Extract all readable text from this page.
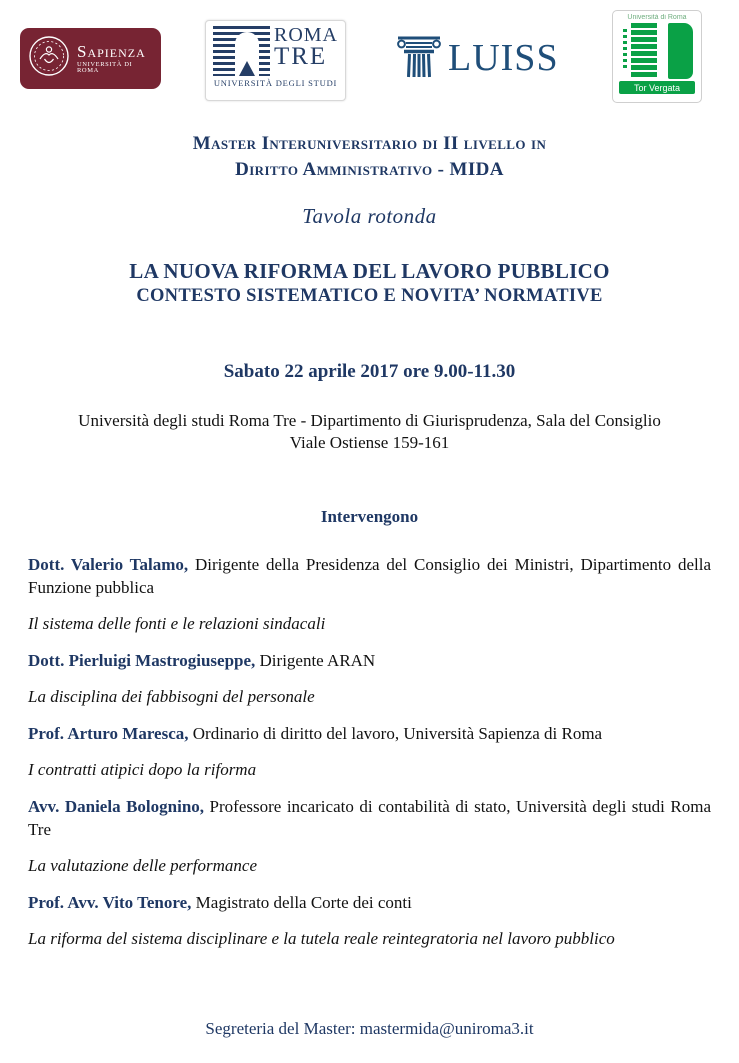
Sapienza
UNIVERSITÀ DI ROMA
ROMA
TRE
UNIVERSITÀ DEGLI STUDI
LUISS
Università di Roma
Tor Vergata
Master Interuniversitario di II livello in
Diritto Amministrativo - MIDA
Tavola rotonda
LA NUOVA RIFORMA DEL LAVORO PUBBLICO
CONTESTO SISTEMATICO E NOVITA’ NORMATIVE
Sabato 22 aprile 2017 ore 9.00-11.30
Università degli studi Roma Tre - Dipartimento di Giurisprudenza, Sala del Consiglio
Viale Ostiense 159-161
Intervengono

Dott. Valerio Talamo, Dirigente della Presidenza del Consiglio dei Ministri, Dipartimento della Funzione pubblica

Il sistema delle fonti e le relazioni sindacali

Dott. Pierluigi Mastrogiuseppe, Dirigente ARAN

La disciplina dei fabbisogni del personale

Prof. Arturo Maresca, Ordinario di diritto del lavoro, Università Sapienza di Roma

I contratti atipici dopo la riforma

Avv. Daniela Bolognino, Professore incaricato di contabilità di stato, Università degli studi Roma Tre

La valutazione delle performance

Prof. Avv. Vito Tenore, Magistrato della Corte dei conti

La riforma del sistema disciplinare e la tutela reale reintegratoria nel lavoro pubblico

Segreteria del Master: mastermida@uniroma3.it
